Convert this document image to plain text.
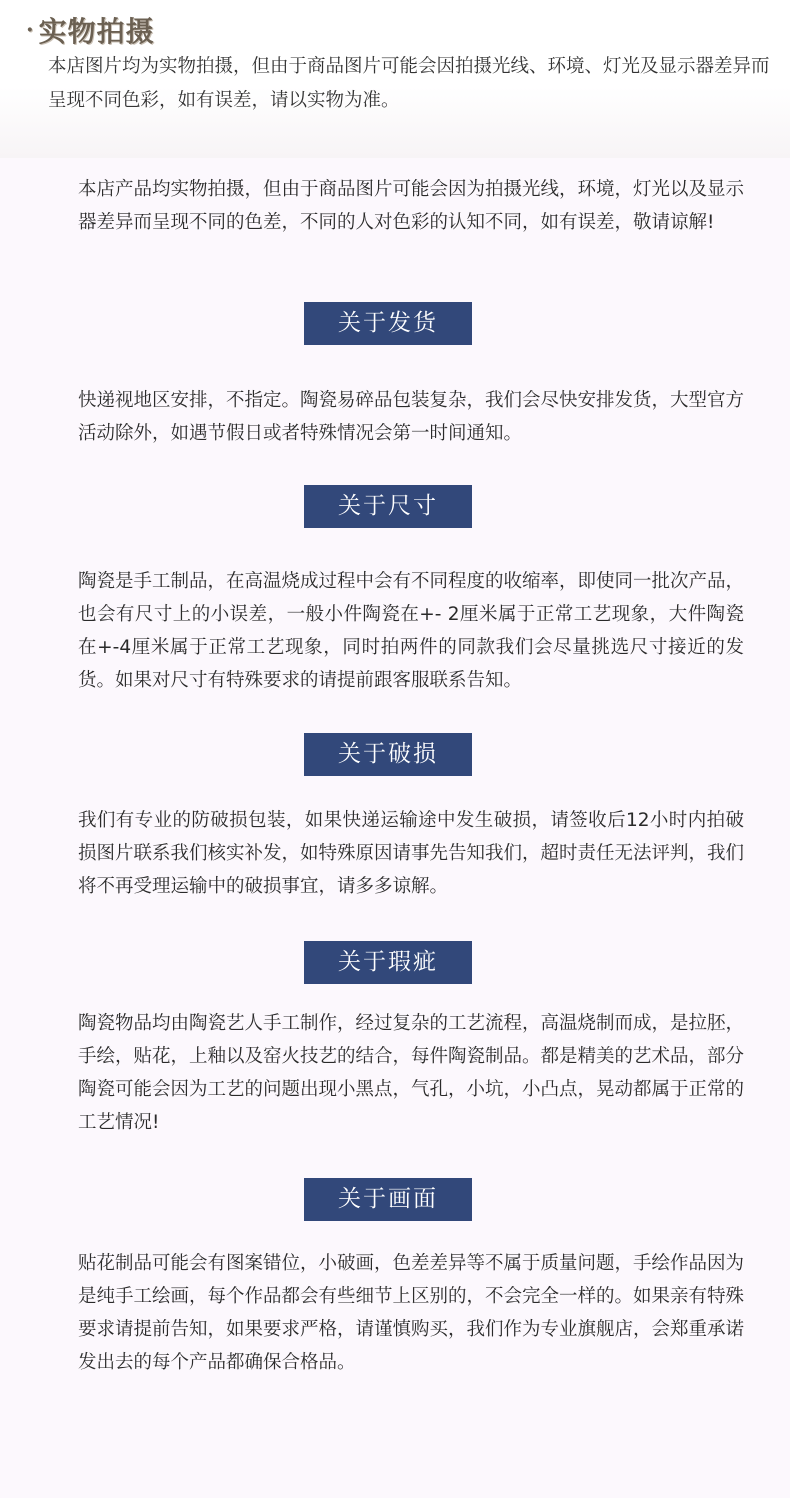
· 实物拍摄
本店图片均为实物拍摄，但由于商品图片可能会因拍摄光线、环境、灯光及显示器差异而呈现不同色彩，如有误差，请以实物为准。
本店产品均实物拍摄，但由于商品图片可能会因为拍摄光线，环境，灯光以及显示器差异而呈现不同的色差，不同的人对色彩的认知不同，如有误差，敬请谅解!
关于发货
快递视地区安排，不指定。陶瓷易碎品包装复杂，我们会尽快安排发货，大型官方活动除外，如遇节假日或者特殊情况会第一时间通知。
关于尺寸
陶瓷是手工制品，在高温烧成过程中会有不同程度的收缩率，即使同一批次产品，也会有尺寸上的小误差，一般小件陶瓷在+- 2厘米属于正常工艺现象，大件陶瓷在+-4厘米属于正常工艺现象，同时拍两件的同款我们会尽量挑选尺寸接近的发货。如果对尺寸有特殊要求的请提前跟客服联系告知。
关于破损
我们有专业的防破损包装，如果快递运输途中发生破损，请签收后12小时内拍破损图片联系我们核实补发，如特殊原因请事先告知我们，超时责任无法评判，我们将不再受理运输中的破损事宜，请多多谅解。
关于瑕疵
陶瓷物品均由陶瓷艺人手工制作，经过复杂的工艺流程，高温烧制而成，是拉胚，手绘，贴花，上釉以及窑火技艺的结合，每件陶瓷制品。都是精美的艺术品，部分陶瓷可能会因为工艺的问题出现小黑点，气孔，小坑，小凸点，晃动都属于正常的工艺情况!
关于画面
贴花制品可能会有图案错位，小破画，色差差异等不属于质量问题，手绘作品因为是纯手工绘画，每个作品都会有些细节上区别的，不会完全一样的。如果亲有特殊要求请提前告知，如果要求严格，请谨慎购买，我们作为专业旗舰店，会郑重承诺发出去的每个产品都确保合格品。
